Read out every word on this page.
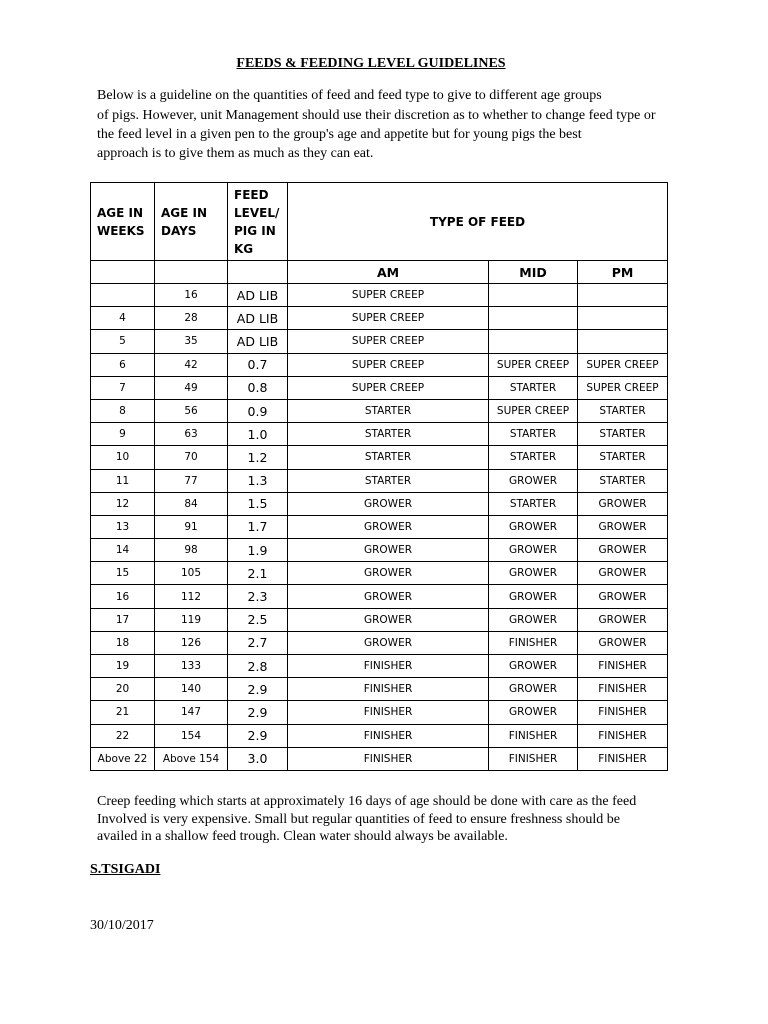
FEEDS & FEEDING LEVEL GUIDELINES
Below is a guideline on the quantities of feed and feed type to give to different age groups
of pigs. However, unit Management should use their discretion as to whether to change feed type or
the feed level in a given pen to the group's age and appetite but for young pigs the best
approach is to give them as much as they can eat.
AGE IN WEEKS	AGE IN DAYS	FEED LEVEL/ PIG IN KG	TYPE OF FEED		
			AM	MID	PM
	16	AD LIB	SUPER CREEP		
4	28	AD LIB	SUPER CREEP		
5	35	AD LIB	SUPER CREEP		
6	42	0.7	SUPER CREEP	SUPER CREEP	SUPER CREEP
7	49	0.8	SUPER CREEP	STARTER	SUPER CREEP
8	56	0.9	STARTER	SUPER CREEP	STARTER
9	63	1.0	STARTER	STARTER	STARTER
10	70	1.2	STARTER	STARTER	STARTER
11	77	1.3	STARTER	GROWER	STARTER
12	84	1.5	GROWER	STARTER	GROWER
13	91	1.7	GROWER	GROWER	GROWER
14	98	1.9	GROWER	GROWER	GROWER
15	105	2.1	GROWER	GROWER	GROWER
16	112	2.3	GROWER	GROWER	GROWER
17	119	2.5	GROWER	GROWER	GROWER
18	126	2.7	GROWER	FINISHER	GROWER
19	133	2.8	FINISHER	GROWER	FINISHER
20	140	2.9	FINISHER	GROWER	FINISHER
21	147	2.9	FINISHER	GROWER	FINISHER
22	154	2.9	FINISHER	FINISHER	FINISHER
Above 22	Above 154	3.0	FINISHER	FINISHER	FINISHER
Creep feeding which starts at approximately 16 days of age should be done with care as the feed
Involved is very expensive. Small but regular quantities of feed to ensure freshness should be
availed in a shallow feed trough. Clean water should always be available.
S.TSIGADI
30/10/2017
